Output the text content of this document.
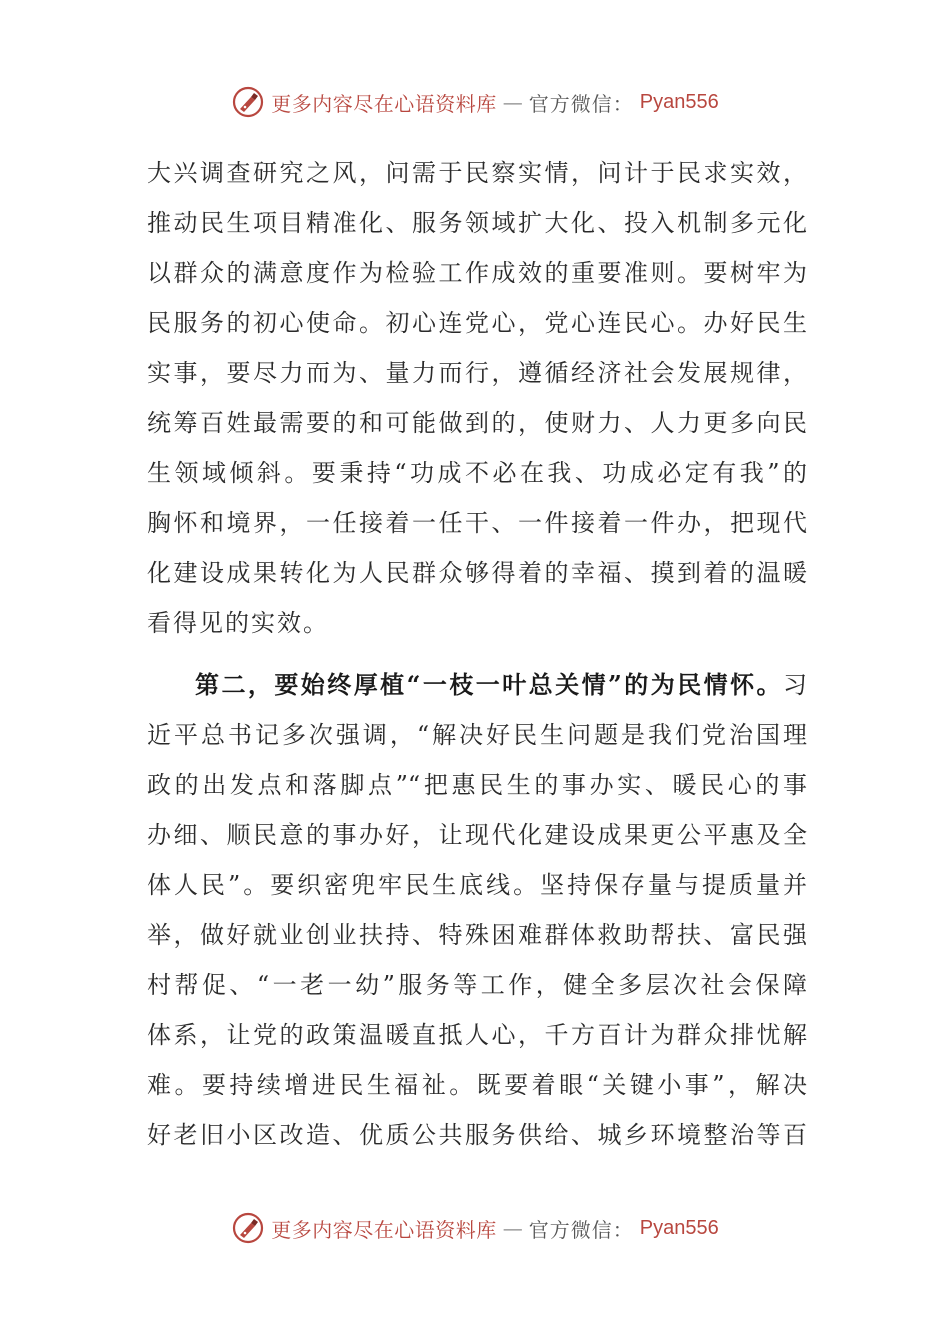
更多内容尽在心语资料库 — 官方微信： Pyan556
大兴调查研究之风，问需于民察实情，问计于民求实效，
推动民生项目精准化、服务领域扩大化、投入机制多元化
以群众的满意度作为检验工作成效的重要准则。要树牢为
民服务的初心使命。初心连党心，党心连民心。办好民生
实事，要尽力而为、量力而行，遵循经济社会发展规律，
统筹百姓最需要的和可能做到的，使财力、人力更多向民
生领域倾斜。要秉持“功成不必在我、功成必定有我”的
胸怀和境界，一任接着一任干、一件接着一件办，把现代
化建设成果转化为人民群众够得着的幸福、摸到着的温暖
看得见的实效。
第二，要始终厚植“一枝一叶总关情”的为民情怀。习
近平总书记多次强调，“解决好民生问题是我们党治国理
政的出发点和落脚点”“把惠民生的事办实、暖民心的事
办细、顺民意的事办好，让现代化建设成果更公平惠及全
体人民”。要织密兜牢民生底线。坚持保存量与提质量并
举，做好就业创业扶持、特殊困难群体救助帮扶、富民强
村帮促、“一老一幼”服务等工作，健全多层次社会保障
体系，让党的政策温暖直抵人心，千方百计为群众排忧解
难。要持续增进民生福祉。既要着眼“关键小事”，解决
好老旧小区改造、优质公共服务供给、城乡环境整治等百
更多内容尽在心语资料库 — 官方微信： Pyan556
